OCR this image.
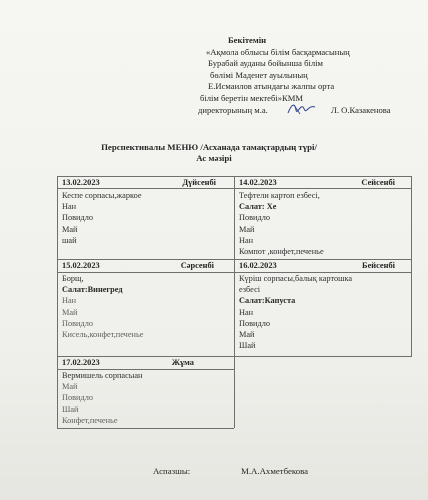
Бекітемін
«Ақмола облысы білім басқармасының
Бурабай ауданы бойынша білім
бөлімі Маденет ауылының
Е.Исмаилов атындағы жалпы орта
білім беретін мектебі»КММ
директорының м.а.	Л. О.Казакенова
Перспективалы МЕНЮ /Асханада тамақтардың түрі/
Ас мәзірі
13.02.2023	Дүйсенбі
Кеспе сорпасы,жаркое
Нан
Повидло
Май
шай
14.02.2023	Сейсенбі
Тефтели картоп езбесі,
Салат: Хе
Повидло
Май
Нан
Компот ,конфет,печенье
15.02.2023	Сәрсенбі
Борщ,
Салат:Винегред
Нан
Май
Повидло
Кисель,конфет,печенье
16.02.2023	Бейсенбі
Күріш сорпасы,балық картошка
езбесі
Салат:Капуста
Нан
Повидло
Май
Шай
17.02.2023	Жұма
Вермишель сорпасыан
Май
Повидло
Шай
Конфет,печенье
Аспазшы:	М.А.Ахметбекова
